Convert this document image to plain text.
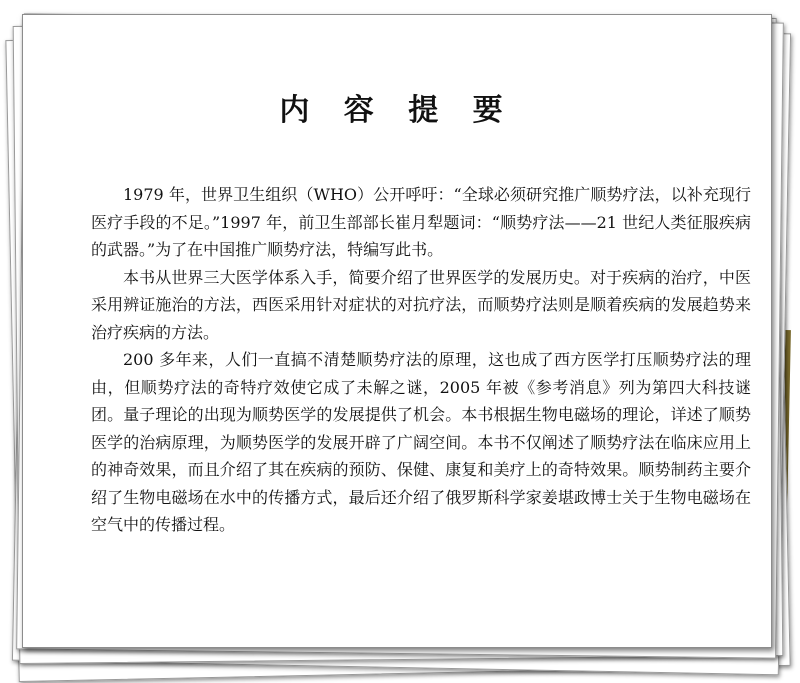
内 容 提 要

1979 年，世界卫生组织（WHO）公开呼吁：“全球必须研究推广顺势疗法，以补充现行医疗手段的不足。”1997 年，前卫生部部长崔月犁题词：“顺势疗法——21 世纪人类征服疾病的武器。”为了在中国推广顺势疗法，特编写此书。

本书从世界三大医学体系入手，简要介绍了世界医学的发展历史。对于疾病的治疗，中医采用辨证施治的方法，西医采用针对症状的对抗疗法，而顺势疗法则是顺着疾病的发展趋势来治疗疾病的方法。

200 多年来，人们一直搞不清楚顺势疗法的原理，这也成了西方医学打压顺势疗法的理由，但顺势疗法的奇特疗效使它成了未解之谜，2005 年被《参考消息》列为第四大科技谜团。量子理论的出现为顺势医学的发展提供了机会。本书根据生物电磁场的理论，详述了顺势医学的治病原理，为顺势医学的发展开辟了广阔空间。本书不仅阐述了顺势疗法在临床应用上的神奇效果，而且介绍了其在疾病的预防、保健、康复和美疗上的奇特效果。顺势制药主要介绍了生物电磁场在水中的传播方式，最后还介绍了俄罗斯科学家姜堪政博士关于生物电磁场在空气中的传播过程。
